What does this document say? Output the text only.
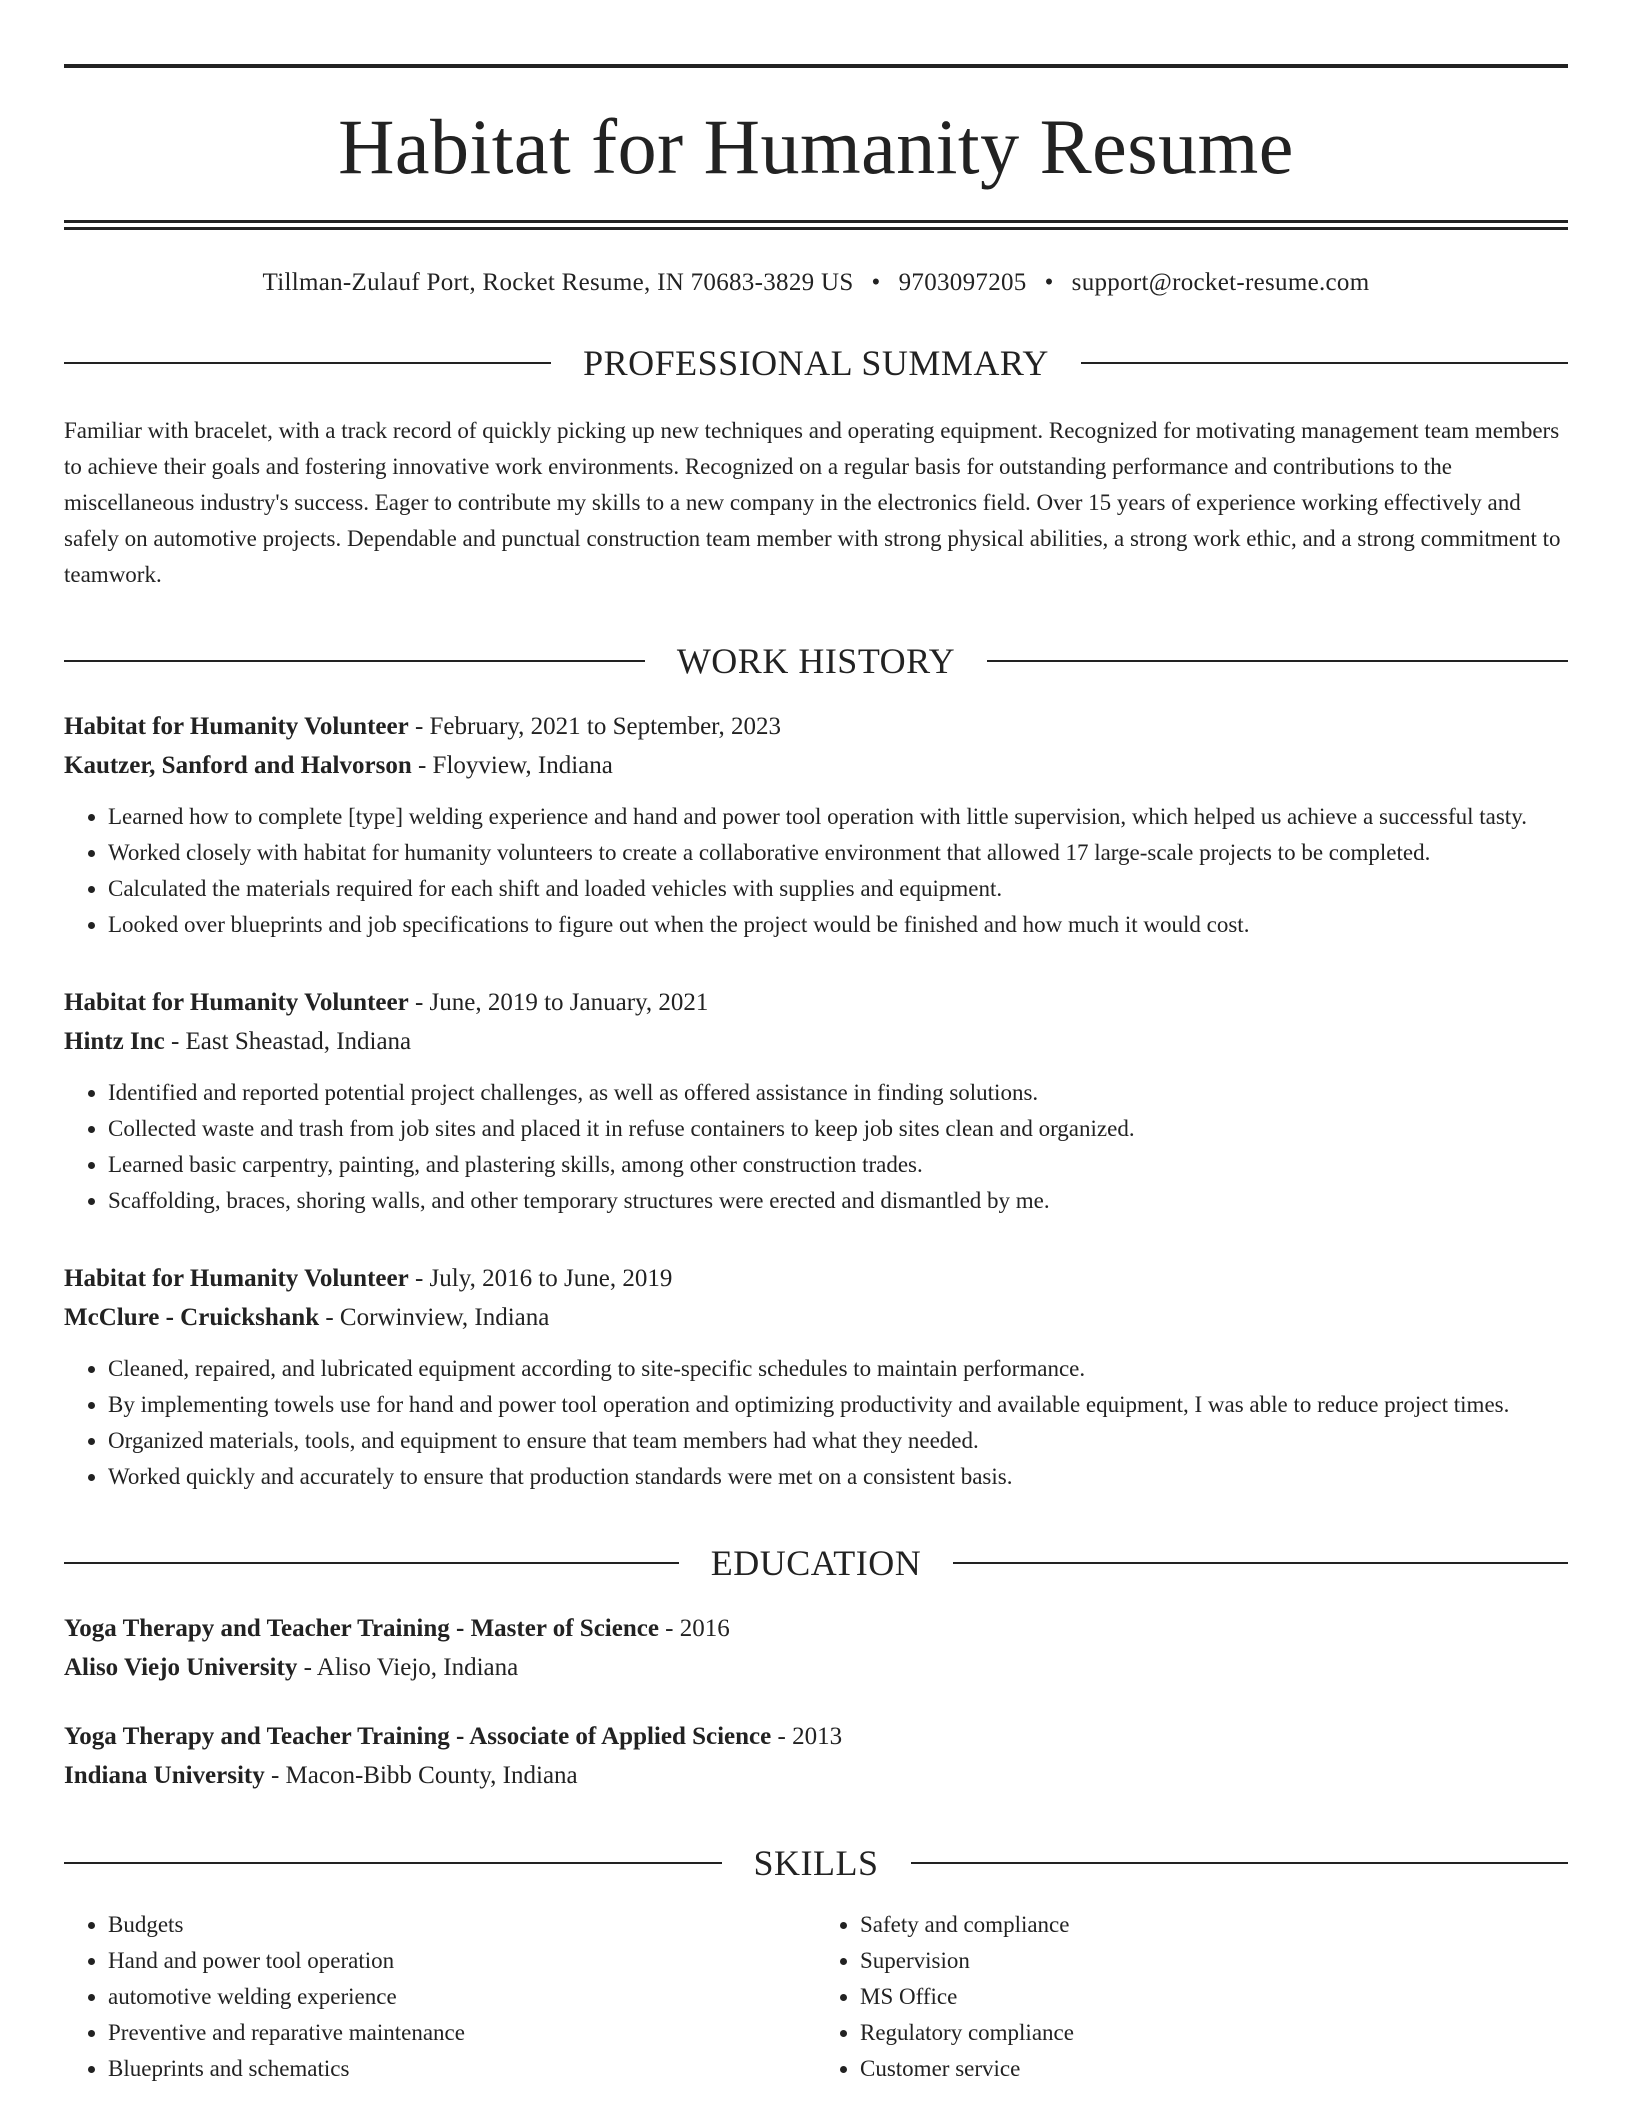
Habitat for Humanity Resume
Tillman-Zulauf Port, Rocket Resume, IN 70683-3829 US • 9703097205 • support@rocket-resume.com
PROFESSIONAL SUMMARY
Familiar with bracelet, with a track record of quickly picking up new techniques and operating equipment. Recognized for motivating management team members to achieve their goals and fostering innovative work environments. Recognized on a regular basis for outstanding performance and contributions to the miscellaneous industry's success. Eager to contribute my skills to a new company in the electronics field. Over 15 years of experience working effectively and safely on automotive projects. Dependable and punctual construction team member with strong physical abilities, a strong work ethic, and a strong commitment to teamwork.
WORK HISTORY
Habitat for Humanity Volunteer - February, 2021 to September, 2023
Kautzer, Sanford and Halvorson - Floyview, Indiana
• Learned how to complete [type] welding experience and hand and power tool operation with little supervision, which helped us achieve a successful tasty.
• Worked closely with habitat for humanity volunteers to create a collaborative environment that allowed 17 large-scale projects to be completed.
• Calculated the materials required for each shift and loaded vehicles with supplies and equipment.
• Looked over blueprints and job specifications to figure out when the project would be finished and how much it would cost.
Habitat for Humanity Volunteer - June, 2019 to January, 2021
Hintz Inc - East Sheastad, Indiana
• Identified and reported potential project challenges, as well as offered assistance in finding solutions.
• Collected waste and trash from job sites and placed it in refuse containers to keep job sites clean and organized.
• Learned basic carpentry, painting, and plastering skills, among other construction trades.
• Scaffolding, braces, shoring walls, and other temporary structures were erected and dismantled by me.
Habitat for Humanity Volunteer - July, 2016 to June, 2019
McClure - Cruickshank - Corwinview, Indiana
• Cleaned, repaired, and lubricated equipment according to site-specific schedules to maintain performance.
• By implementing towels use for hand and power tool operation and optimizing productivity and available equipment, I was able to reduce project times.
• Organized materials, tools, and equipment to ensure that team members had what they needed.
• Worked quickly and accurately to ensure that production standards were met on a consistent basis.
EDUCATION
Yoga Therapy and Teacher Training - Master of Science - 2016
Aliso Viejo University - Aliso Viejo, Indiana
Yoga Therapy and Teacher Training - Associate of Applied Science - 2013
Indiana University - Macon-Bibb County, Indiana
SKILLS
• Budgets
• Hand and power tool operation
• automotive welding experience
• Preventive and reparative maintenance
• Blueprints and schematics
• Safety and compliance
• Supervision
• MS Office
• Regulatory compliance
• Customer service
